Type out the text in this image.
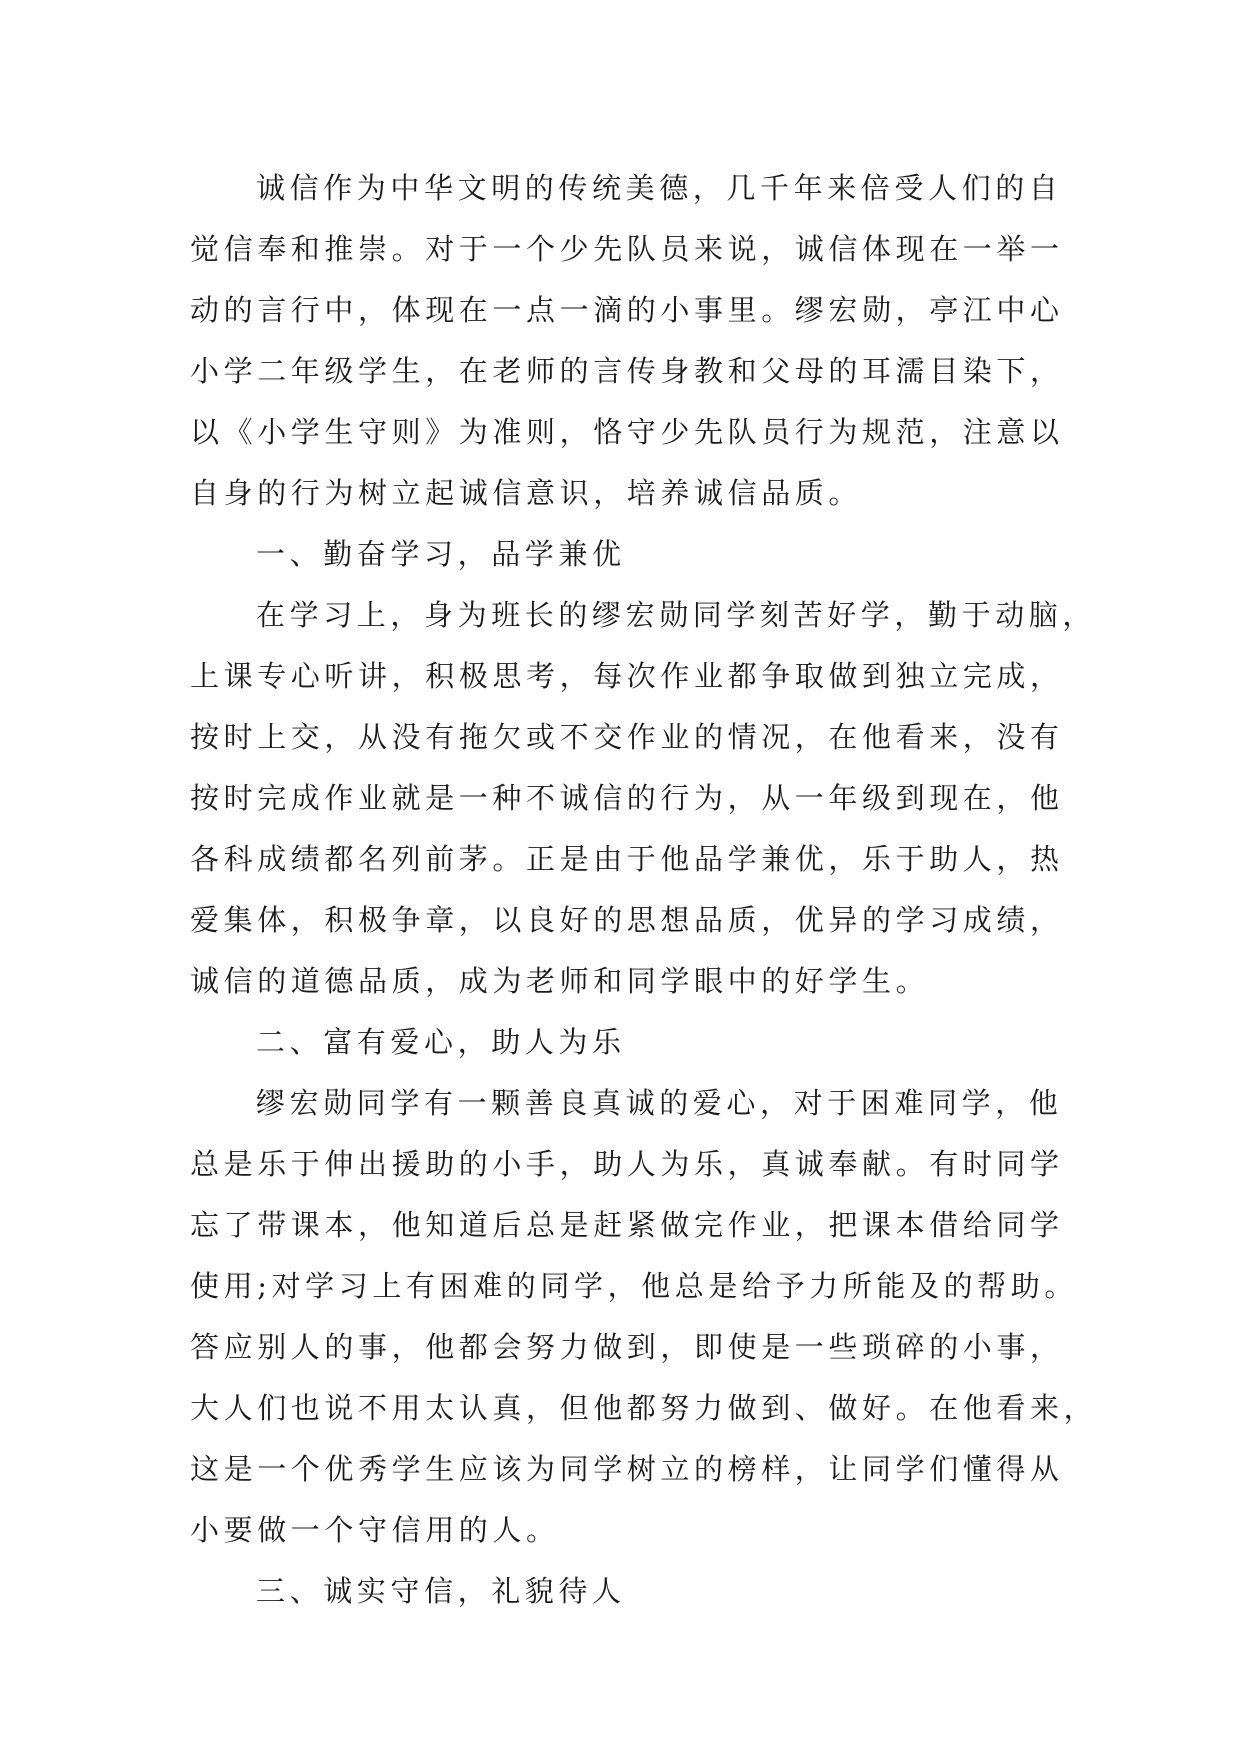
诚信作为中华文明的传统美德，几千年来倍受人们的自
觉信奉和推崇。对于一个少先队员来说，诚信体现在一举一
动的言行中，体现在一点一滴的小事里。缪宏勋，亭江中心
小学二年级学生，在老师的言传身教和父母的耳濡目染下，
以《小学生守则》为准则，恪守少先队员行为规范，注意以
自身的行为树立起诚信意识，培养诚信品质。
一、勤奋学习，品学兼优
在学习上，身为班长的缪宏勋同学刻苦好学，勤于动脑，
上课专心听讲，积极思考，每次作业都争取做到独立完成，
按时上交，从没有拖欠或不交作业的情况，在他看来，没有
按时完成作业就是一种不诚信的行为，从一年级到现在，他
各科成绩都名列前茅。正是由于他品学兼优，乐于助人，热
爱集体，积极争章，以良好的思想品质，优异的学习成绩，
诚信的道德品质，成为老师和同学眼中的好学生。
二、富有爱心，助人为乐
缪宏勋同学有一颗善良真诚的爱心，对于困难同学，他
总是乐于伸出援助的小手，助人为乐，真诚奉献。有时同学
忘了带课本，他知道后总是赶紧做完作业，把课本借给同学
使用;对学习上有困难的同学，他总是给予力所能及的帮助。
答应别人的事，他都会努力做到，即使是一些琐碎的小事，
大人们也说不用太认真，但他都努力做到、做好。在他看来，
这是一个优秀学生应该为同学树立的榜样，让同学们懂得从
小要做一个守信用的人。
三、诚实守信，礼貌待人
